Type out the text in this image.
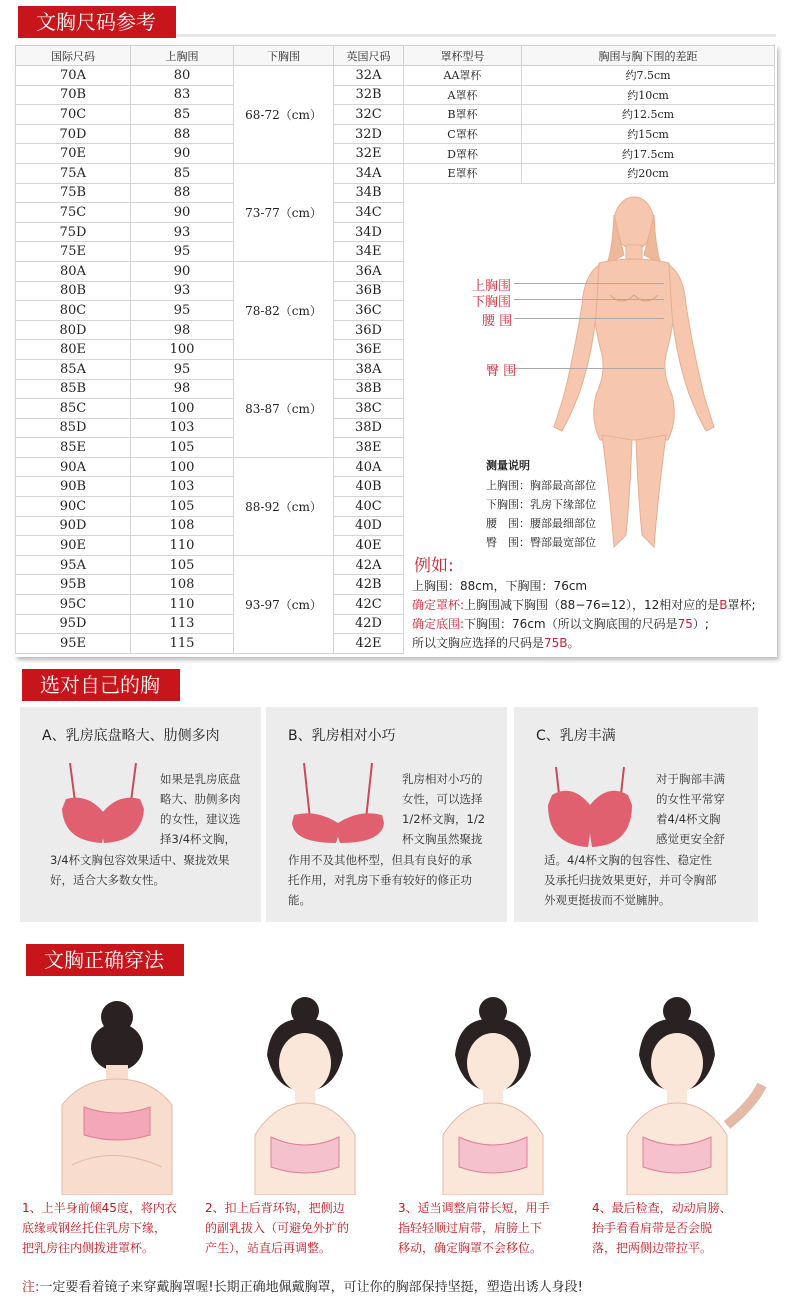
文胸尺码参考
国际尺码	上胸围	下胸围	英国尺码	罩杯型号	胸围与胸下围的差距
70A	80	68-72（cm）	32A	AA罩杯	约7.5cm
70B	83		32B	A罩杯	约10cm
70C	85		32C	B罩杯	约12.5cm
70D	88		32D	C罩杯	约15cm
70E	90		32E	D罩杯	约17.5cm
75A	85	73-77（cm）	34A	E罩杯	约20cm
75B	88		34B		
75C	90		34C		
75D	93		34D		
75E	95		34E		
80A	90	78-82（cm）	36A		
80B	93		36B		
80C	95		36C		
80D	98		36D		
80E	100		36E		
85A	95	83-87（cm）	38A		
85B	98		38B		
85C	100		38C		
85D	103		38D		
85E	105		38E		
90A	100	88-92（cm）	40A		
90B	103		40B		
90C	105		40C		
90D	108		40D		
90E	110		40E		
95A	105	93-97（cm）	42A		
95B	108		42B		
95C	110		42C		
95D	113		42D		
95E	115		42E		
上胸围
下胸围
腰 围
臀 围
测量说明
上胸围：胸部最高部位
下胸围：乳房下缘部位
腰　围：腰部最细部位
臀　围：臀部最宽部位
例如:
上胸围：88cm，下胸围：76cm
确定罩杯:上胸围减下胸围（88−76=12），12相对应的是B罩杯;
确定底围:下胸围：76cm（所以文胸底围的尺码是75）;
所以文胸应选择的尺码是75B。
选对自己的胸
A、乳房底盘略大、肋侧多肉
如果是乳房底盘
略大、肋侧多肉
的女性，建议选
择3/4杯文胸，
3/4杯文胸包容效果适中、聚拢效果
好，适合大多数女性。
B、乳房相对小巧
乳房相对小巧的
女性，可以选择
1/2杯文胸，1/2
杯文胸虽然聚拢
作用不及其他杯型，但具有良好的承
托作用，对乳房下垂有较好的修正功
能。
C、乳房丰满
对于胸部丰满
的女性平常穿
着4/4杯文胸
感觉更安全舒
适。4/4杯文胸的包容性、稳定性
及承托归拢效果更好，并可令胸部
外观更挺拔而不觉臃肿。
文胸正确穿法
1、上半身前倾45度，将内衣
底缘或钢丝托住乳房下缘，
把乳房往内侧拨进罩杯。
2、扣上后背环钩，把侧边
的副乳拔入（可避免外扩的
产生），站直后再调整。
3、适当调整肩带长短，用手
指轻轻顺过肩带，肩膀上下
移动，确定胸罩不会移位。
4、最后检查，动动肩膀、
抬手看看肩带是否会脱
落，把两侧边带拉平。
注:一定要看着镜子来穿戴胸罩喔!长期正确地佩戴胸罩，可让你的胸部保持坚挺，塑造出诱人身段!
